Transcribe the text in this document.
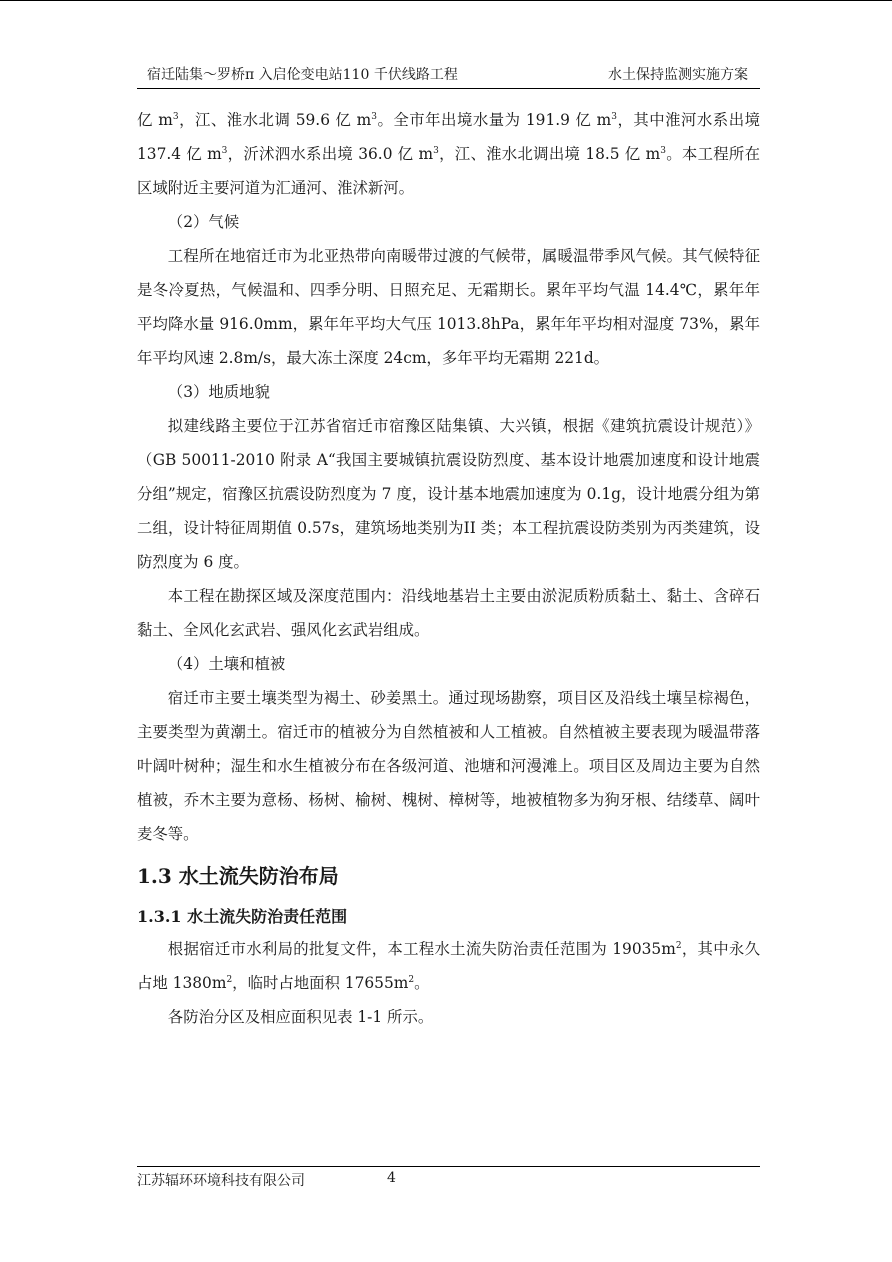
宿迁陆集～罗桥π 入启伦变电站110 千伏线路工程	水土保持监测实施方案

亿 $m^3$，江、淮水北调 59.6 亿 $m^3$。全市年出境水量为 191.9 亿 $m^3$，其中淮河水系出境 137.4 亿 $m^3$，沂沭泗水系出境 36.0 亿 $m^3$，江、淮水北调出境 18.5 亿 $m^3$。本工程所在区域附近主要河道为汇通河、淮沭新河。

（2）气候

工程所在地宿迁市为北亚热带向南暖带过渡的气候带，属暖温带季风气候。其气候特征是冬冷夏热，气候温和、四季分明、日照充足、无霜期长。累年平均气温 14.4℃，累年年平均降水量 916.0mm，累年年平均大气压 1013.8hPa，累年年平均相对湿度 73%，累年年平均风速 2.8m/s，最大冻土深度 24cm，多年平均无霜期 221d。

（3）地质地貌

拟建线路主要位于江苏省宿迁市宿豫区陆集镇、大兴镇，根据《建筑抗震设计规范）》（GB 50011-2010 附录 A“我国主要城镇抗震设防烈度、基本设计地震加速度和设计地震分组”规定，宿豫区抗震设防烈度为 7 度，设计基本地震加速度为 0.1g，设计地震分组为第二组，设计特征周期值 0.57s，建筑场地类别为II 类；本工程抗震设防类别为丙类建筑，设防烈度为 6 度。

本工程在勘探区域及深度范围内：沿线地基岩土主要由淤泥质粉质黏土、黏土、含碎石黏土、全风化玄武岩、强风化玄武岩组成。

（4）土壤和植被

宿迁市主要土壤类型为褐土、砂姜黑土。通过现场勘察，项目区及沿线土壤呈棕褐色，主要类型为黄潮土。宿迁市的植被分为自然植被和人工植被。自然植被主要表现为暖温带落叶阔叶树种；湿生和水生植被分布在各级河道、池塘和河漫滩上。项目区及周边主要为自然植被，乔木主要为意杨、杨树、榆树、槐树、樟树等，地被植物多为狗牙根、结缕草、阔叶麦冬等。

1.3 水土流失防治布局
1.3.1 水土流失防治责任范围

根据宿迁市水利局的批复文件，本工程水土流失防治责任范围为 $19035m^2$，其中永久占地 $1380m^2$，临时占地面积 $17655m^2$。

各防治分区及相应面积见表 1-1 所示。

江苏辐环环境科技有限公司	4
